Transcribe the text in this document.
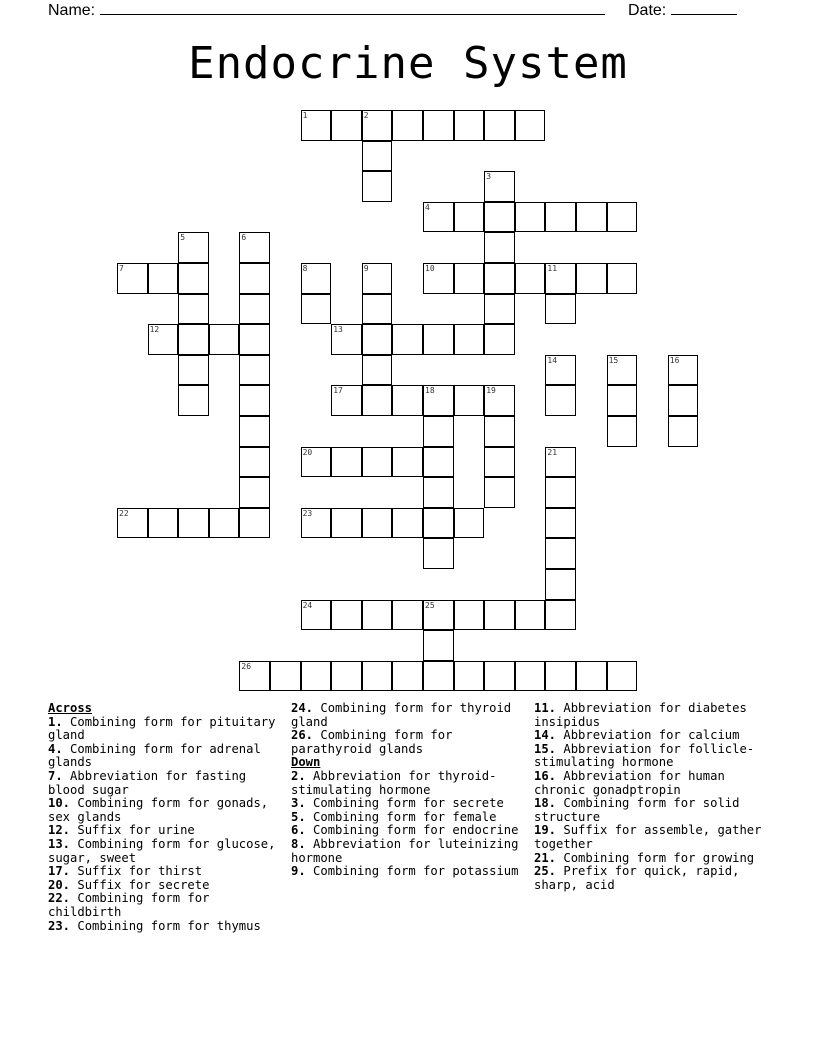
Name:	Date:
Endocrine System
1	2
3
4
5	6
7	8	9	10	11
12	13
14	15	16
17	18	19
20	21
22	23
24	25
26
Across
1. Combining form for pituitary gland
4. Combining form for adrenal glands
7. Abbreviation for fasting blood sugar
10. Combining form for gonads, sex glands
12. Suffix for urine
13. Combining form for glucose, sugar, sweet
17. Suffix for thirst
20. Suffix for secrete
22. Combining form for childbirth
23. Combining form for thymus
24. Combining form for thyroid gland
26. Combining form for parathyroid glands
Down
2. Abbreviation for thyroid-stimulating hormone
3. Combining form for secrete
5. Combining form for female
6. Combining form for endocrine
8. Abbreviation for luteinizing hormone
9. Combining form for potassium
11. Abbreviation for diabetes insipidus
14. Abbreviation for calcium
15. Abbreviation for follicle-stimulating hormone
16. Abbreviation for human chronic gonadptropin
18. Combining form for solid structure
19. Suffix for assemble, gather together
21. Combining form for growing
25. Prefix for quick, rapid, sharp, acid
